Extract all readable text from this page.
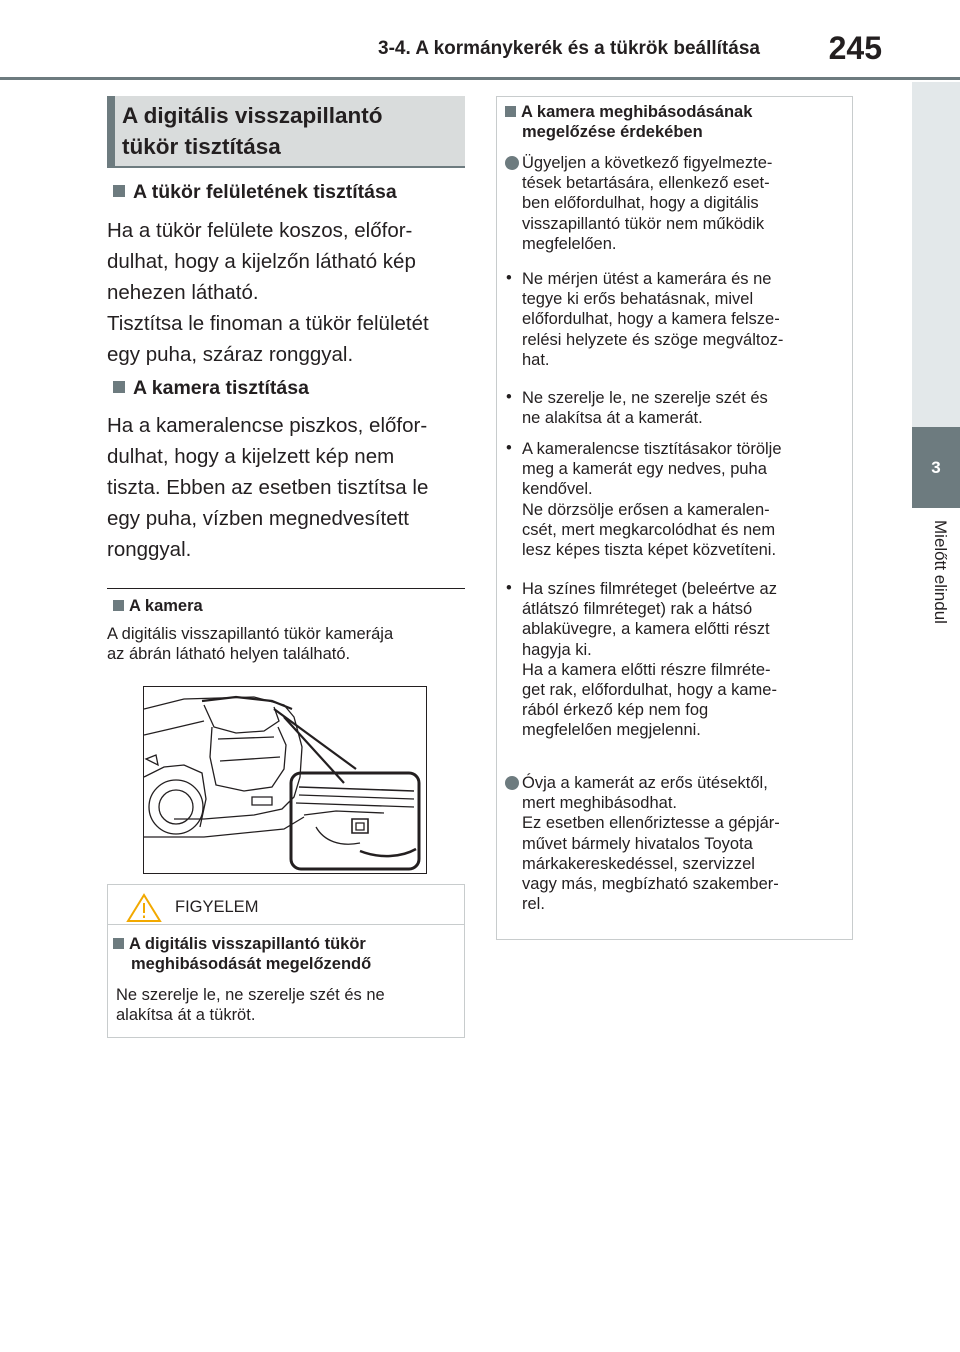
3-4. A kormánykerék és a tükrök beállítása 245
3
Mielőtt elindul
A digitális visszapillantó
tükör tisztítása
A tükör felületének tisztítása
Ha a tükör felülete koszos, előfor-
dulhat, hogy a kijelzőn látható kép
nehezen látható.
Tisztítsa le finoman a tükör felületét
egy puha, száraz ronggyal.
A kamera tisztítása
Ha a kameralencse piszkos, előfor-
dulhat, hogy a kijelzett kép nem
tiszta. Ebben az esetben tisztítsa le
egy puha, vízben megnedvesített
ronggyal.
A kamera
A digitális visszapillantó tükör kamerája
az ábrán látható helyen található.
FIGYELEM
A digitális visszapillantó tükör
meghibásodását megelőzendő
Ne szerelje le, ne szerelje szét és ne
alakítsa át a tükröt.
A kamera meghibásodásának
megelőzése érdekében
Ügyeljen a következő figyelmezte-
tések betartására, ellenkező eset-
ben előfordulhat, hogy a digitális
visszapillantó tükör nem működik
megfelelően.
• Ne mérjen ütést a kamerára és ne
tegye ki erős behatásnak, mivel
előfordulhat, hogy a kamera felsze-
relési helyzete és szöge megváltoz-
hat.
• Ne szerelje le, ne szerelje szét és
ne alakítsa át a kamerát.
• A kameralencse tisztításakor törölje
meg a kamerát egy nedves, puha
kendővel.
Ne dörzsölje erősen a kameralen-
csét, mert megkarcolódhat és nem
lesz képes tiszta képet közvetíteni.
• Ha színes filmréteget (beleértve az
átlátszó filmréteget) rak a hátsó
ablaküvegre, a kamera előtti részt
hagyja ki.
Ha a kamera előtti részre filmréte-
get rak, előfordulhat, hogy a kame-
rából érkező kép nem fog
megfelelően megjelenni.
Óvja a kamerát az erős ütésektől,
mert meghibásodhat.
Ez esetben ellenőriztesse a gépjár-
művet bármely hivatalos Toyota
márkakereskedéssel, szervizzel
vagy más, megbízható szakember-
rel.
